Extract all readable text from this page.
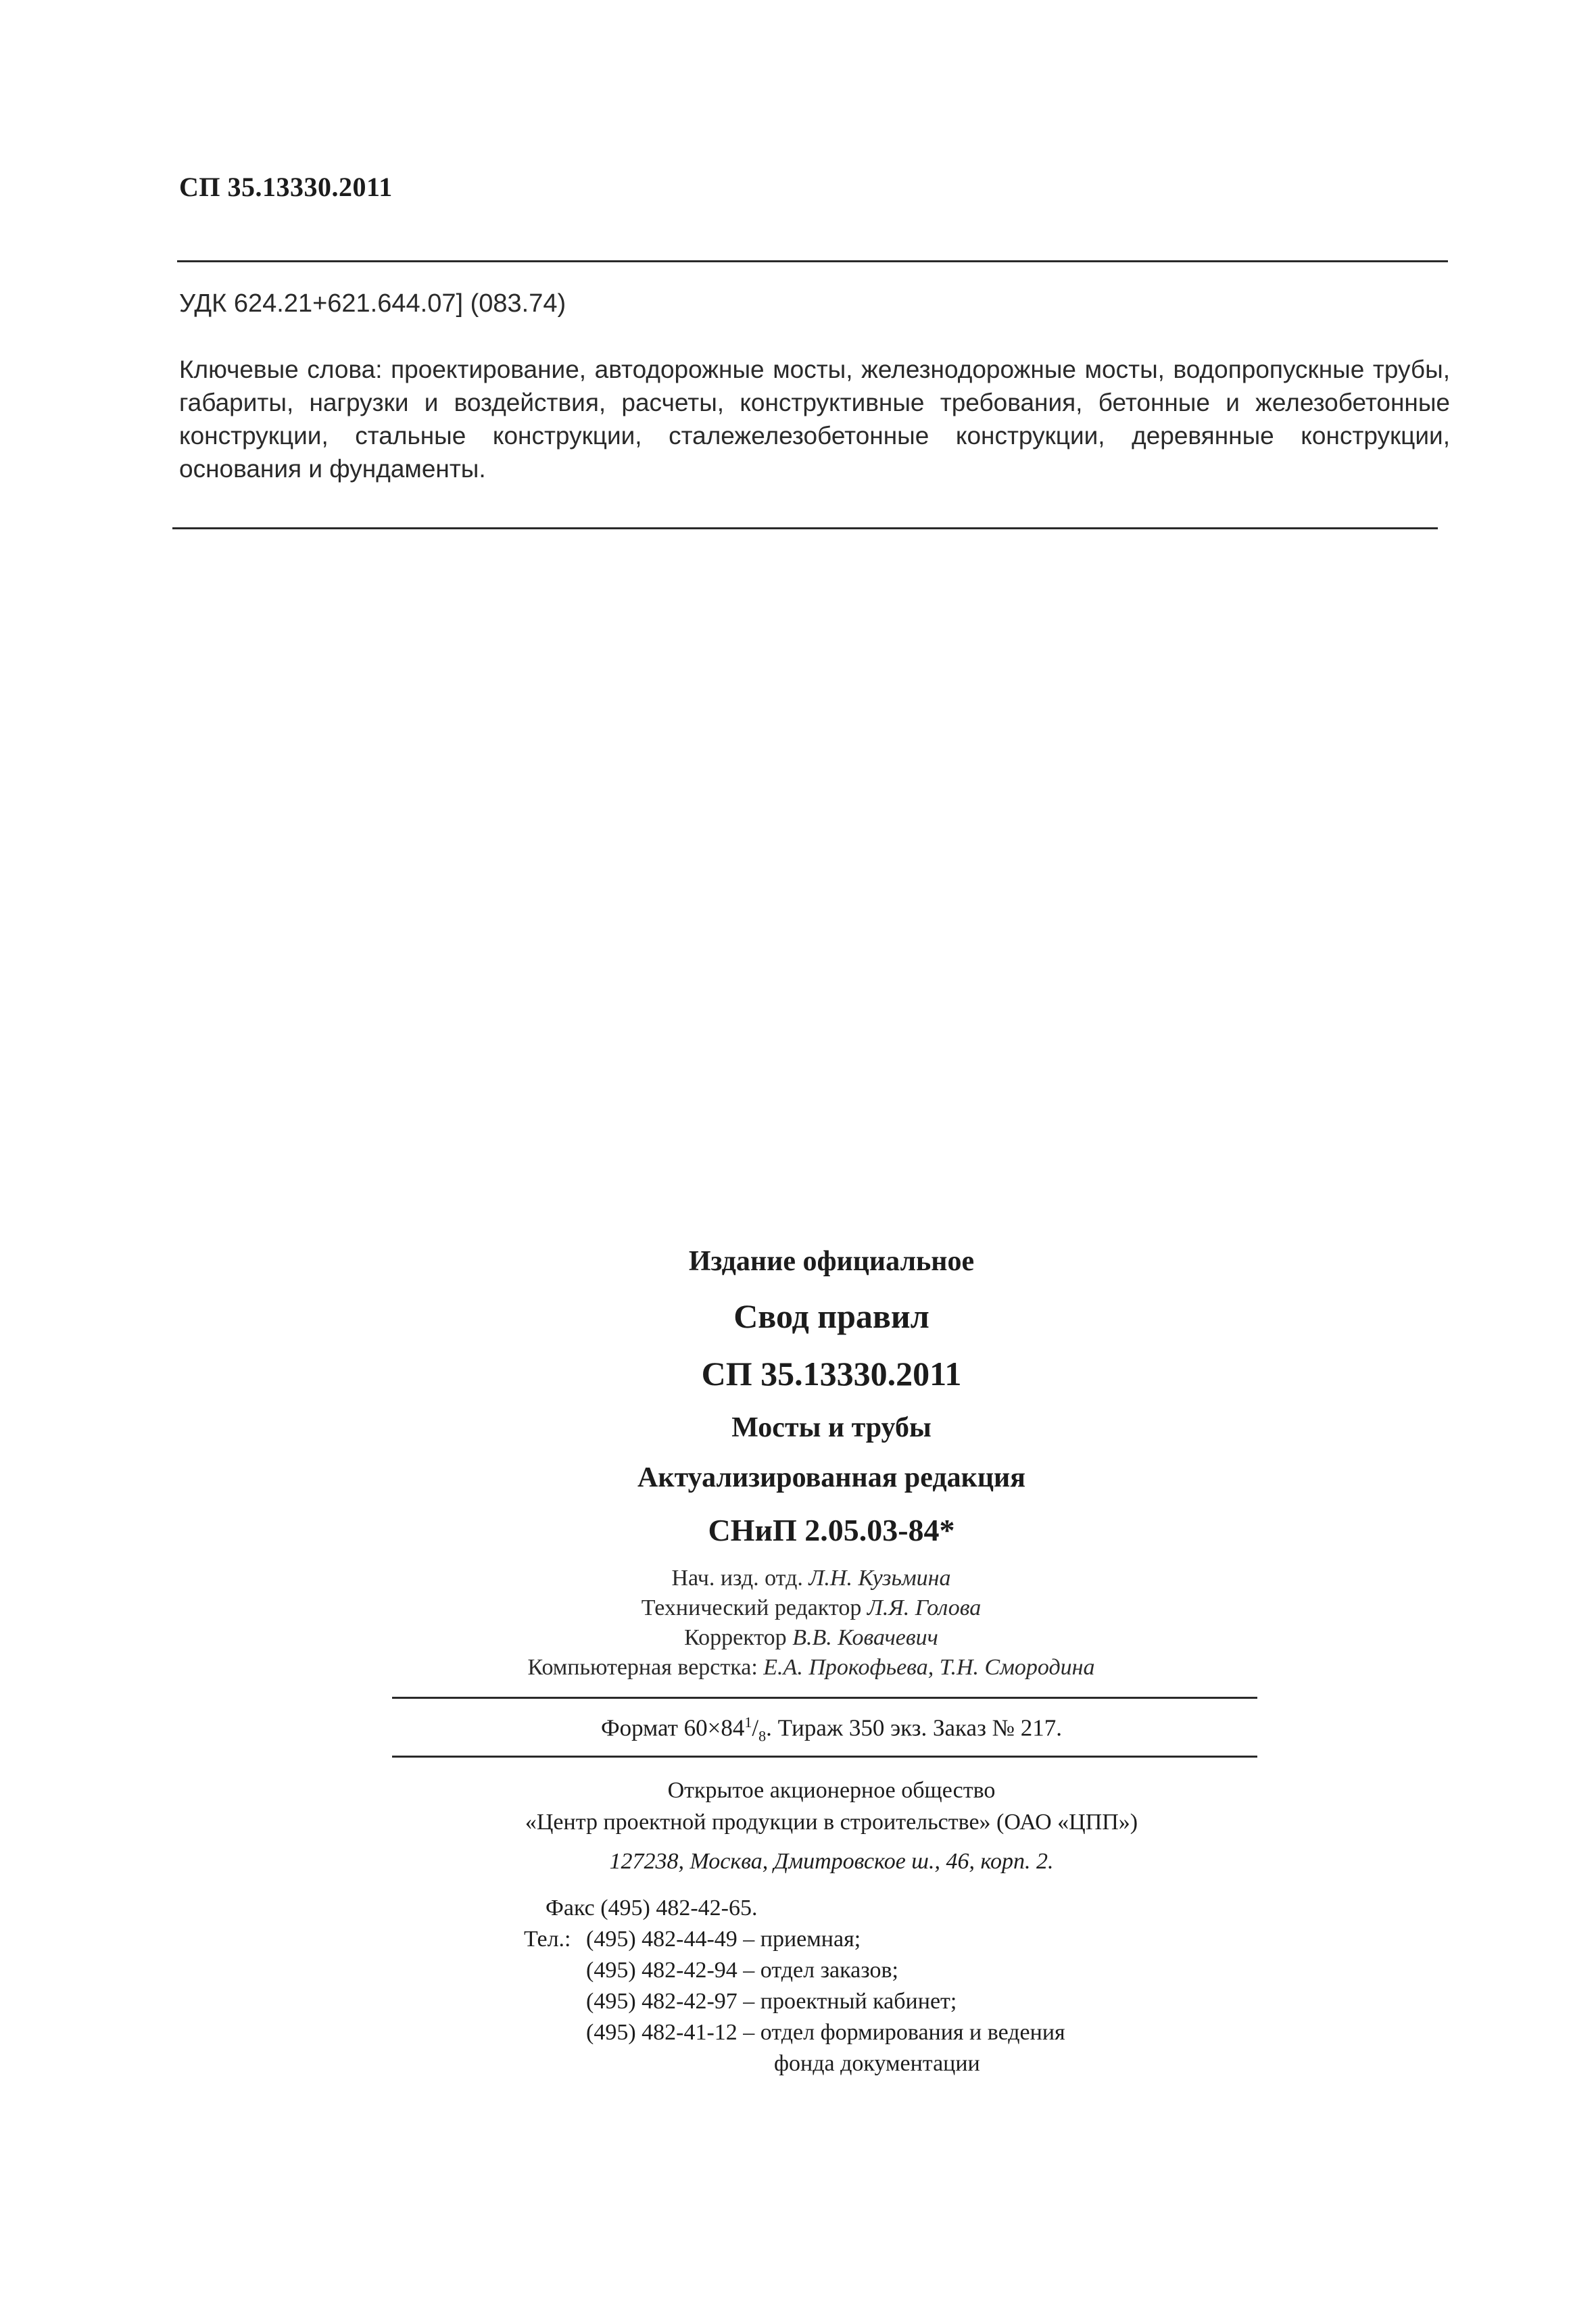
СП 35.13330.2011
УДК 624.21+621.644.07] (083.74)
Ключевые слова: проектирование, автодорожные мосты, железнодорожные мосты, водопропускные трубы, габариты, нагрузки и воздействия, расчеты, конструктивные требования, бетонные и железобетонные конструкции, стальные конструкции, сталежелезобетонные конструкции, деревянные конструкции, основания и фундаменты.
Издание официальное
Свод правил
СП 35.13330.2011
Мосты и трубы
Актуализированная редакция
СНиП 2.05.03-84*
Нач. изд. отд. Л.Н. Кузьмина
Технический редактор Л.Я. Голова
Корректор В.В. Ковачевич
Компьютерная верстка: Е.А. Прокофьева, Т.Н. Смородина
Формат $60\times 84^1/_8$. Тираж 350 экз. Заказ № 217.
Открытое акционерное общество
«Центр проектной продукции в строительстве» (ОАО «ЦПП»)
127238, Москва, Дмитровское ш., 46, корп. 2.
Факс (495) 482-42-65.
Тел.: (495) 482-44-49 – приемная;
(495) 482-42-94 – отдел заказов;
(495) 482-42-97 – проектный кабинет;
(495) 482-41-12 – отдел формирования и ведения
фонда документации
